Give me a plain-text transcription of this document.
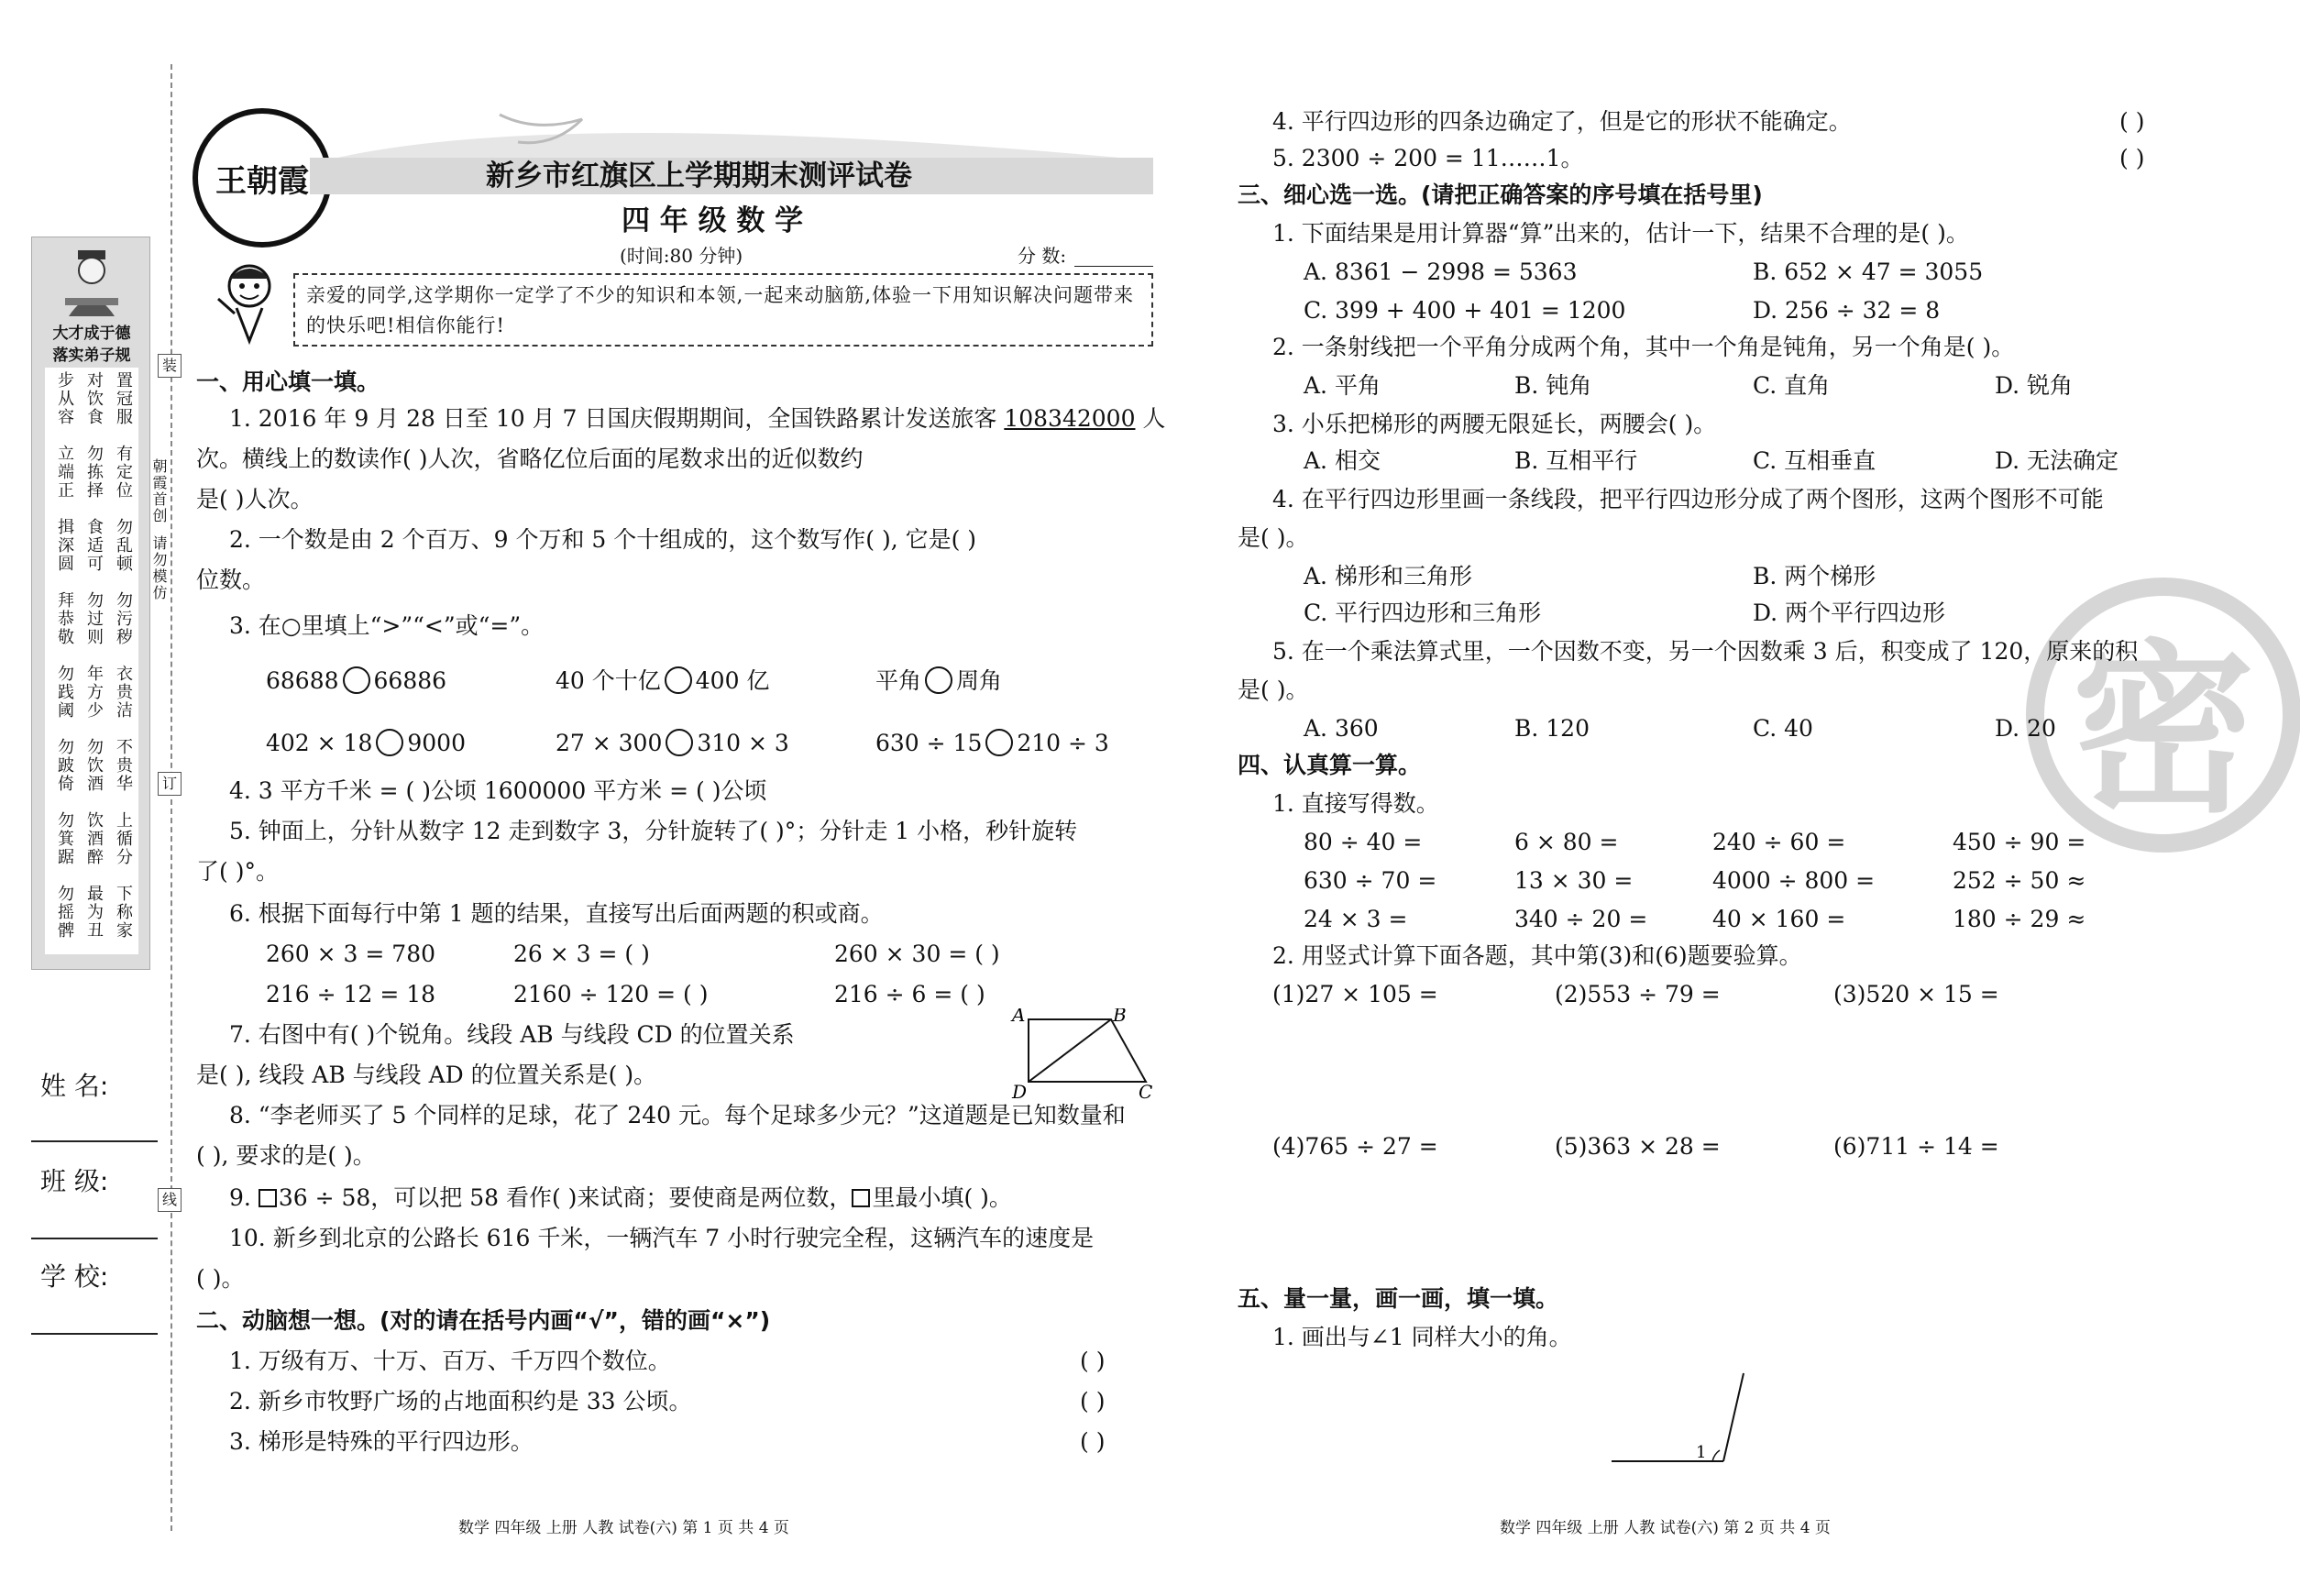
朝霞首创
请勿模仿
装
订
线
大才成于德
落实弟子规
步从容 对饮食 置冠服
立端正 勿拣择 有定位
揖深圆 食适可 勿乱顿
拜恭敬 勿过则 勿污秽
勿践阈 年方少 衣贵洁
勿跛倚 勿饮酒 不贵华
勿箕踞 饮酒醉 上循分
勿摇髀 最为丑 下称家
姓 名:
班 级:
学 校:
王朝霞	新乡市红旗区上学期期末测评试卷
四 年 级 数 学
(时间:80 分钟)	分 数:
亲爱的同学,这学期你一定学了不少的知识和本领,一起来动脑筋,体验一下用知识解决问题带来的快乐吧!相信你能行!
一、用心填一填。
1. 2016 年 9 月 28 日至 10 月 7 日国庆假期期间，全国铁路累计发送旅客 108342000 人
次。横线上的数读作( )人次，省略亿位后面的尾数求出的近似数约
是( )人次。
2. 一个数是由 2 个百万、9 个万和 5 个十组成的，这个数写作( ), 它是( )
位数。
3. 在○里填上“>”“<”或“=”。
68688 66886	40 个十亿 400 亿	平角 周角
402 × 18 9000	27 × 300 310 × 3	630 ÷ 15 210 ÷ 3
4. 3 平方千米 = ( )公顷 1600000 平方米 = ( )公顷
5. 钟面上，分针从数字 12 走到数字 3，分针旋转了( )°；分针走 1 小格，秒针旋转
了( )°。
6. 根据下面每行中第 1 题的结果，直接写出后面两题的积或商。
260 × 3 = 780	26 × 3 = ( )	260 × 30 = ( )
216 ÷ 12 = 18	2160 ÷ 120 = ( )	216 ÷ 6 = ( )
7. 右图中有( )个锐角。线段 AB 与线段 CD 的位置关系
是( ), 线段 AB 与线段 AD 的位置关系是( )。
A	B
C
D
8. “李老师买了 5 个同样的足球，花了 240 元。每个足球多少元？”这道题是已知数量和
( ), 要求的是( )。
9. 36 ÷ 58，可以把 58 看作( )来试商；要使商是两位数， 里最小填( )。
10. 新乡到北京的公路长 616 千米，一辆汽车 7 小时行驶完全程，这辆汽车的速度是
( )。
二、动脑想一想。(对的请在括号内画“√”，错的画“×”)
1. 万级有万、十万、百万、千万四个数位。	( )
2. 新乡市牧野广场的占地面积约是 33 公顷。	( )
3. 梯形是特殊的平行四边形。	( )
数学 四年级 上册 人教 试卷(六) 第 1 页 共 4 页
密
4. 平行四边形的四条边确定了，但是它的形状不能确定。	( )
5. 2300 ÷ 200 = 11……1。	( )
三、细心选一选。(请把正确答案的序号填在括号里)
1. 下面结果是用计算器“算”出来的，估计一下，结果不合理的是( )。
A. 8361 − 2998 = 5363	B. 652 × 47 = 3055
C. 399 + 400 + 401 = 1200	D. 256 ÷ 32 = 8
2. 一条射线把一个平角分成两个角，其中一个角是钝角，另一个角是( )。
A. 平角	B. 钝角	C. 直角	D. 锐角
3. 小乐把梯形的两腰无限延长，两腰会( )。
A. 相交	B. 互相平行	C. 互相垂直	D. 无法确定
4. 在平行四边形里画一条线段，把平行四边形分成了两个图形，这两个图形不可能
是( )。
A. 梯形和三角形	B. 两个梯形
C. 平行四边形和三角形	D. 两个平行四边形
5. 在一个乘法算式里，一个因数不变，另一个因数乘 3 后，积变成了 120，原来的积
是( )。
A. 360	B. 120	C. 40	D. 20
四、认真算一算。
1. 直接写得数。
80 ÷ 40 =	6 × 80 =	240 ÷ 60 =	450 ÷ 90 =
630 ÷ 70 =	13 × 30 =	4000 ÷ 800 =	252 ÷ 50 ≈
24 × 3 =	340 ÷ 20 =	40 × 160 =	180 ÷ 29 ≈
2. 用竖式计算下面各题，其中第(3)和(6)题要验算。
(1)27 × 105 =	(2)553 ÷ 79 =	(3)520 × 15 =
(4)765 ÷ 27 =	(5)363 × 28 =	(6)711 ÷ 14 =
五、量一量，画一画，填一填。
1. 画出与∠1 同样大小的角。
1
数学 四年级 上册 人教 试卷(六) 第 2 页 共 4 页
